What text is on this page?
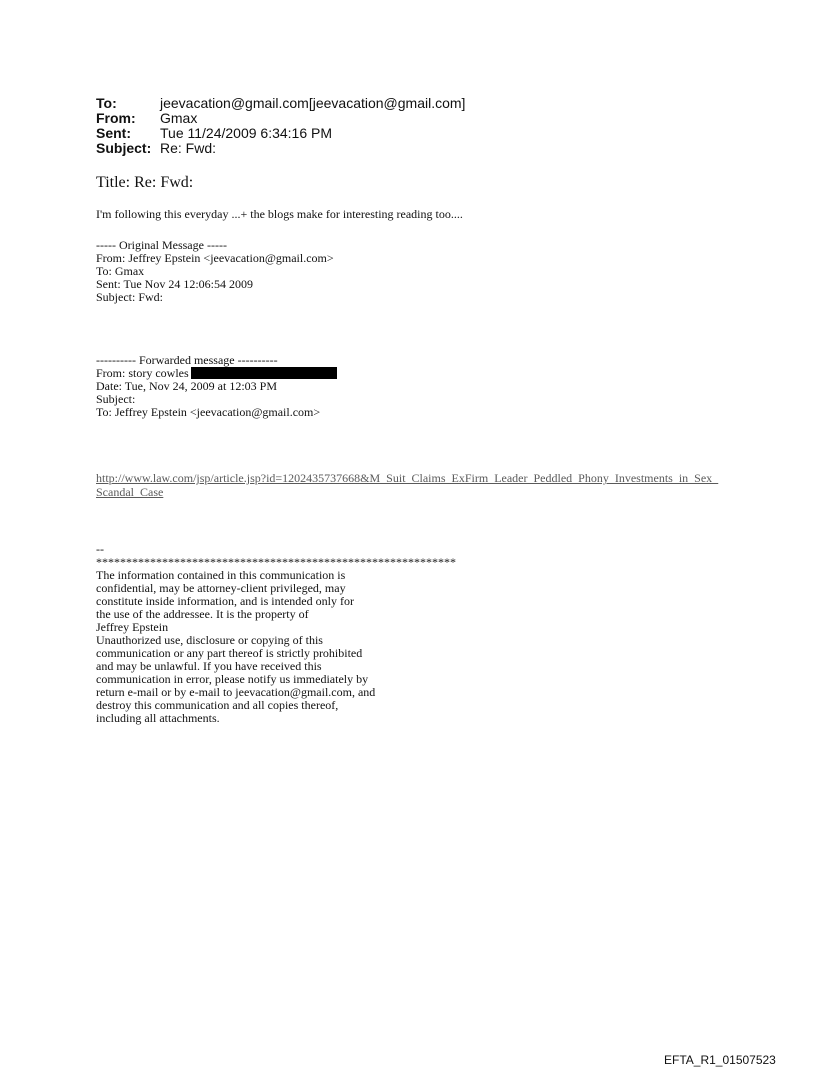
To:	jeevacation@gmail.com[jeevacation@gmail.com]
From:	Gmax
Sent:	Tue 11/24/2009 6:34:16 PM
Subject: Re: Fwd:
Title: Re: Fwd:
I'm following this everyday ...+ the blogs make for interesting reading too....
----- Original Message -----
From: Jeffrey Epstein <jeevacation@gmail.com>
To: Gmax
Sent: Tue Nov 24 12:06:54 2009
Subject: Fwd:
---------- Forwarded message ----------
From: story cowles
Date: Tue, Nov 24, 2009 at 12:03 PM
Subject:
To: Jeffrey Epstein <jeevacation@gmail.com>
http://www.law.com/jsp/article.jsp?id=1202435737668&M_Suit_Claims_ExFirm_Leader_Peddled_Phony_Investments_in_Sex_Scandal_Case
--
************************************************************
The information contained in this communication is
confidential, may be attorney-client privileged, may
constitute inside information, and is intended only for
the use of the addressee. It is the property of
Jeffrey Epstein
Unauthorized use, disclosure or copying of this
communication or any part thereof is strictly prohibited
and may be unlawful. If you have received this
communication in error, please notify us immediately by
return e-mail or by e-mail to jeevacation@gmail.com, and
destroy this communication and all copies thereof,
including all attachments.
EFTA_R1_01507523
